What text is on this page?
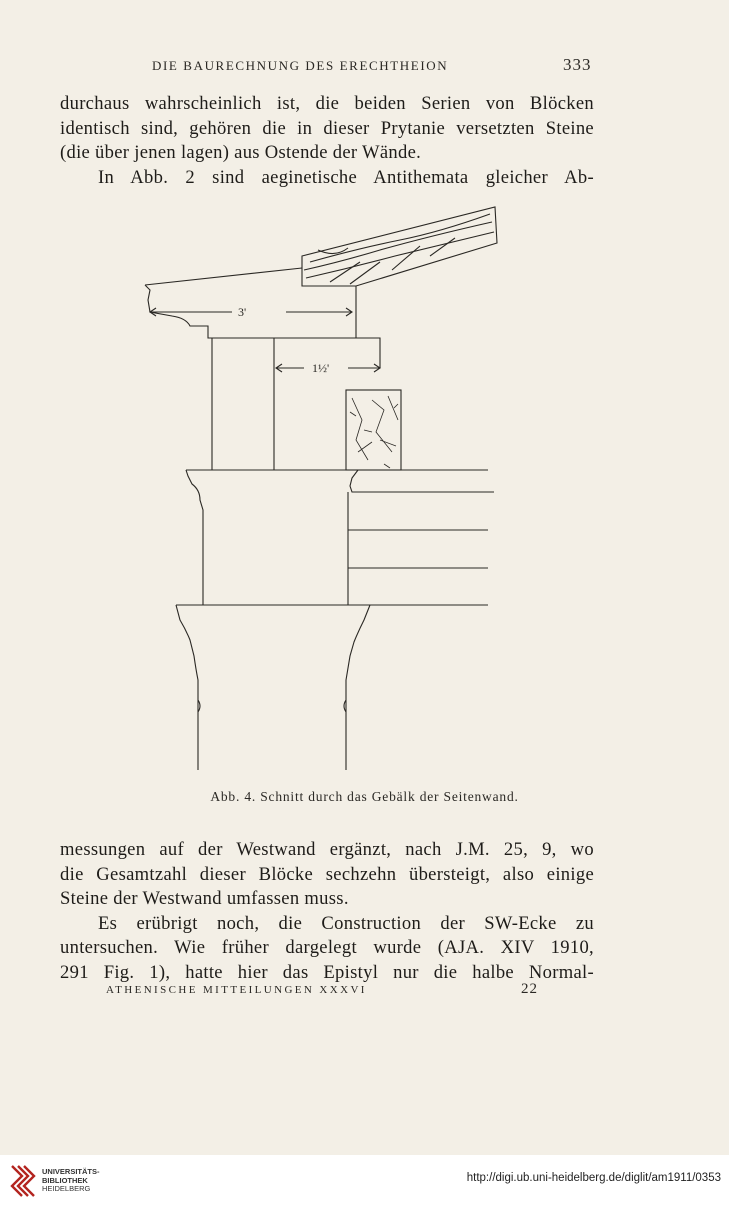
DIE BAURECHNUNG DES ERECHTHEION	333
durchaus wahrscheinlich ist, die beiden Serien von Blöcken
identisch sind, gehören die in dieser Prytanie versetzten Steine
(die über jenen lagen) aus Ostende der Wände.
In Abb. 2 sind aeginetische Antithemata gleicher Ab-
3'
1½'
Abb. 4. Schnitt durch das Gebälk der Seitenwand.
messungen auf der Westwand ergänzt, nach J.M. 25, 9, wo
die Gesamtzahl dieser Blöcke sechzehn übersteigt, also einige
Steine der Westwand umfassen muss.
Es erübrigt noch, die Construction der SW-Ecke zu
untersuchen. Wie früher dargelegt wurde (AJA. XIV 1910,
291 Fig. 1), hatte hier das Epistyl nur die halbe Normal-
ATHENISCHE MITTEILUNGEN XXXVI	22
UNIVERSITÄTS-
BIBLIOTHEK
HEIDELBERG
http://digi.ub.uni-heidelberg.de/diglit/am1911/0353
